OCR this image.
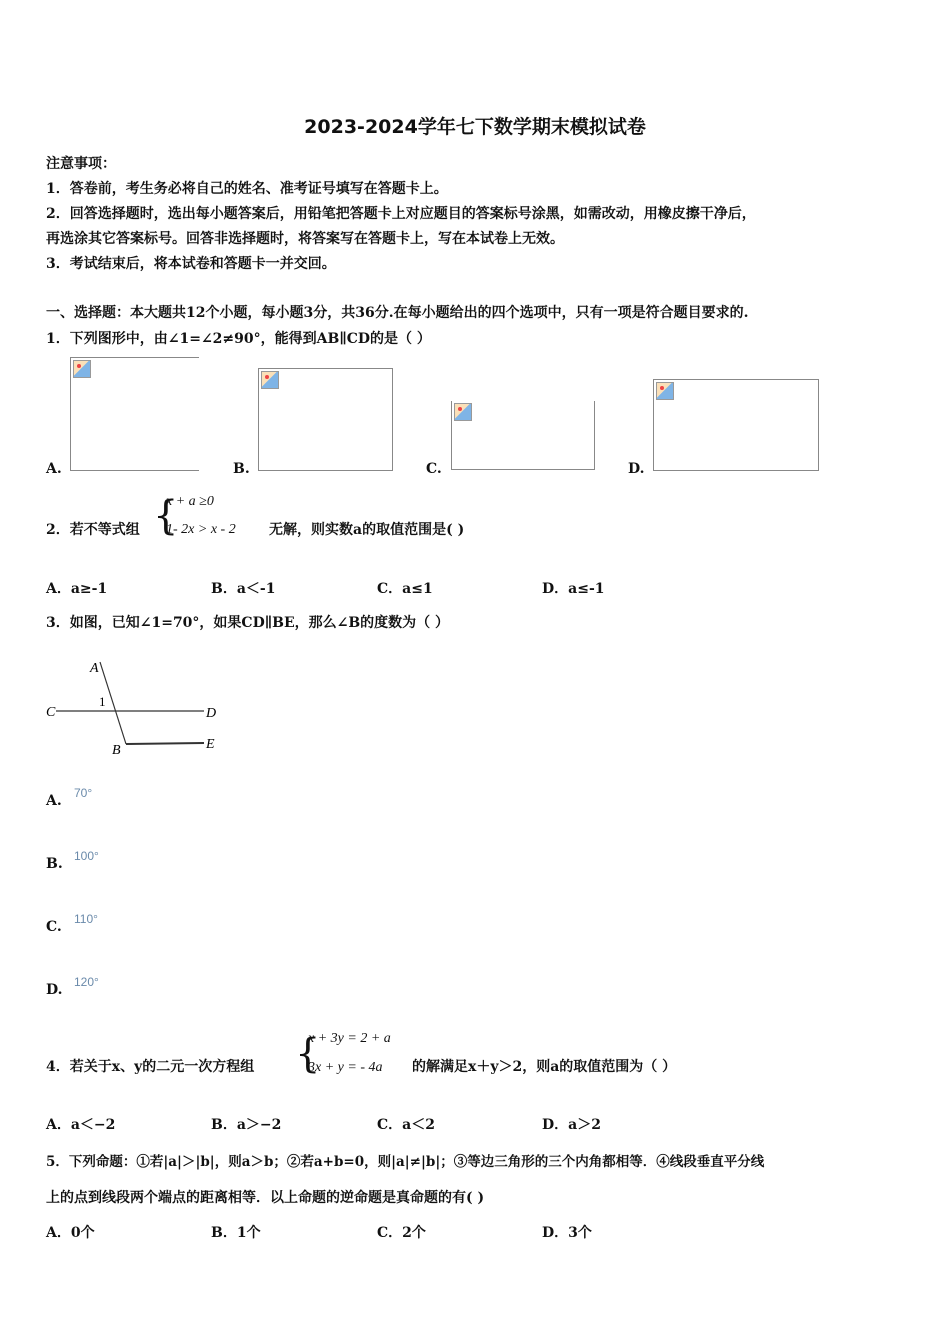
2023-2024学年七下数学期末模拟试卷
注意事项：
1．答卷前，考生务必将自己的姓名、准考证号填写在答题卡上。
2．回答选择题时，选出每小题答案后，用铅笔把答题卡上对应题目的答案标号涂黑，如需改动，用橡皮擦干净后，
再选涂其它答案标号。回答非选择题时，将答案写在答题卡上，写在本试卷上无效。
3．考试结束后，将本试卷和答题卡一并交回。
一、选择题：本大题共12个小题，每小题3分，共36分.在每小题给出的四个选项中，只有一项是符合题目要求的.
1．下列图形中，由∠1=∠2≠90°，能得到AB∥CD的是（ ）
A.	B.	C.	D.
2．若不等式组 {
x + a ≥0
1- 2x > x - 2 无解，则实数a的取值范围是( )
A．a≥-1	B．a＜-1	C．a≤1	D．a≤-1
3．如图，已知∠1=70°，如果CD∥BE，那么∠B的度数为（ ）
A
C
1
D
B	E
A. 70°
B. 100°
C. 110°
D. 120°
4．若关于x、y的二元一次方程组 {
x + 3y = 2 + a
3x + y = - 4a 的解满足x＋y＞2，则a的取值范围为（ ）
A．a＜−2	B．a＞−2	C．a＜2	D．a＞2
5．下列命题：①若|a|＞|b|，则a＞b；②若a+b=0，则|a|≠|b|；③等边三角形的三个内角都相等．④线段垂直平分线
上的点到线段两个端点的距离相等．以上命题的逆命题是真命题的有( )
A．0个	B．1个	C．2个	D．3个
